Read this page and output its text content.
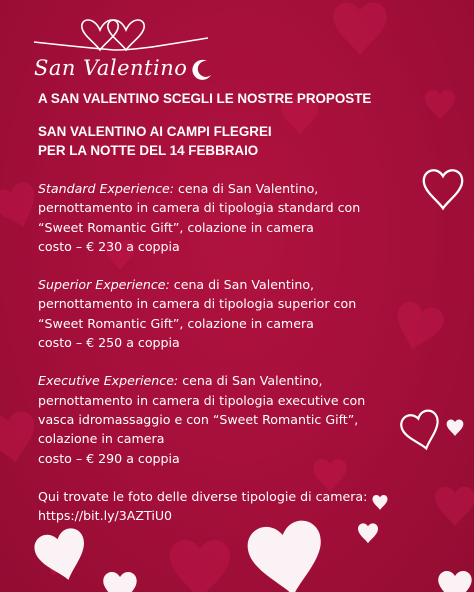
San Valentino

A SAN VALENTINO SCEGLI LE NOSTRE PROPOSTE

SAN VALENTINO AI CAMPI FLEGREI
PER LA NOTTE DEL 14 FEBBRAIO

Standard Experience: cena di San Valentino,

pernottamento in camera di tipologia standard con

“Sweet Romantic Gift”, colazione in camera

costo – € 230 a coppia

Superior Experience: cena di San Valentino,

pernottamento in camera di tipologia superior con

“Sweet Romantic Gift”, colazione in camera

costo – € 250 a coppia

Executive Experience: cena di San Valentino,

pernottamento in camera di tipologia executive con

vasca idromassaggio e con “Sweet Romantic Gift”,

colazione in camera

costo – € 290 a coppia

Qui trovate le foto delle diverse tipologie di camera:

https://bit.ly/3AZTiU0
